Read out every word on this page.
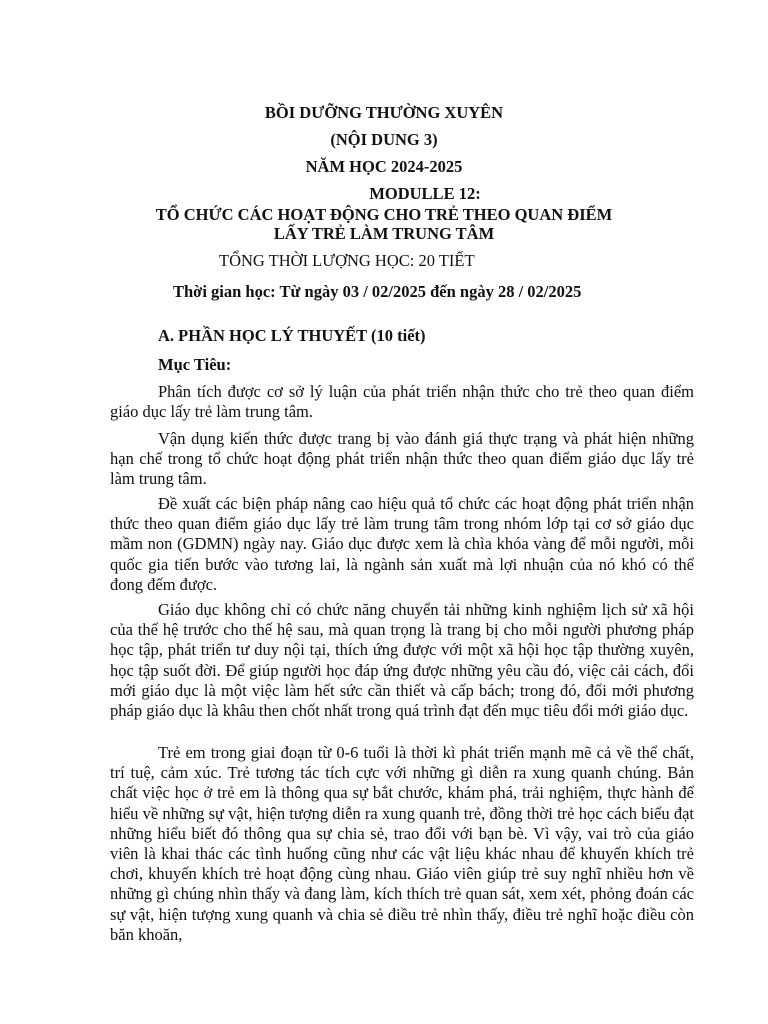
BỒI DƯỠNG THƯỜNG XUYÊN
(NỘI DUNG 3)
NĂM HỌC 2024-2025
MODULLE 12:
TỔ CHỨC CÁC HOẠT ĐỘNG CHO TRẺ THEO QUAN ĐIỂM
LẤY TRẺ LÀM TRUNG TÂM
TỔNG THỜI LƯỢNG HỌC: 20 TIẾT
Thời gian học: Từ ngày 03 / 02/2025 đến ngày 28 / 02/2025
A. PHẦN HỌC LÝ THUYẾT (10 tiết)
Mục Tiêu:

Phân tích được cơ sở lý luận của phát triển nhận thức cho trẻ theo quan điểm giáo dục lấy trẻ làm trung tâm.

Vận dụng kiến thức được trang bị vào đánh giá thực trạng và phát hiện những hạn chế trong tổ chức hoạt động phát triển nhận thức theo quan điểm giáo dục lấy trẻ làm trung tâm.

Đề xuất các biện pháp nâng cao hiệu quả tổ chức các hoạt động phát triển nhận thức theo quan điểm giáo dục lấy trẻ làm trung tâm trong nhóm lớp tại cơ sở giáo dục mầm non (GDMN) ngày nay. Giáo dục được xem là chìa khóa vàng để mỗi người, mỗi quốc gia tiến bước vào tương lai, là ngành sản xuất mà lợi nhuận của nó khó có thể đong đếm được.

Giáo dục không chỉ có chức năng chuyển tải những kinh nghiệm lịch sử xã hội của thế hệ trước cho thế hệ sau, mà quan trọng là trang bị cho mỗi người phương pháp học tập, phát triển tư duy nội tại, thích ứng được với một xã hội học tập thường xuyên, học tập suốt đời. Để giúp người học đáp ứng được những yêu cầu đó, việc cải cách, đổi mới giáo dục là một việc làm hết sức cần thiết và cấp bách; trong đó, đổi mới phương pháp giáo dục là khâu then chốt nhất trong quá trình đạt đến mục tiêu đổi mới giáo dục.

Trẻ em trong giai đoạn từ 0-6 tuổi là thời kì phát triển mạnh mẽ cả về thể chất, trí tuệ, cảm xúc. Trẻ tương tác tích cực với những gì diễn ra xung quanh chúng. Bản chất việc học ở trẻ em là thông qua sự bắt chước, khám phá, trải nghiệm, thực hành để hiểu về những sự vật, hiện tượng diễn ra xung quanh trẻ, đồng thời trẻ học cách biểu đạt những hiểu biết đó thông qua sự chia sẻ, trao đổi với bạn bè. Vì vậy, vai trò của giáo viên là khai thác các tình huống cũng như các vật liệu khác nhau để khuyến khích trẻ chơi, khuyến khích trẻ hoạt động cùng nhau. Giáo viên giúp trẻ suy nghĩ nhiều hơn về những gì chúng nhìn thấy và đang làm, kích thích trẻ quan sát, xem xét, phỏng đoán các sự vật, hiện tượng xung quanh và chia sẻ điều trẻ nhìn thấy, điều trẻ nghĩ hoặc điều còn băn khoăn,
